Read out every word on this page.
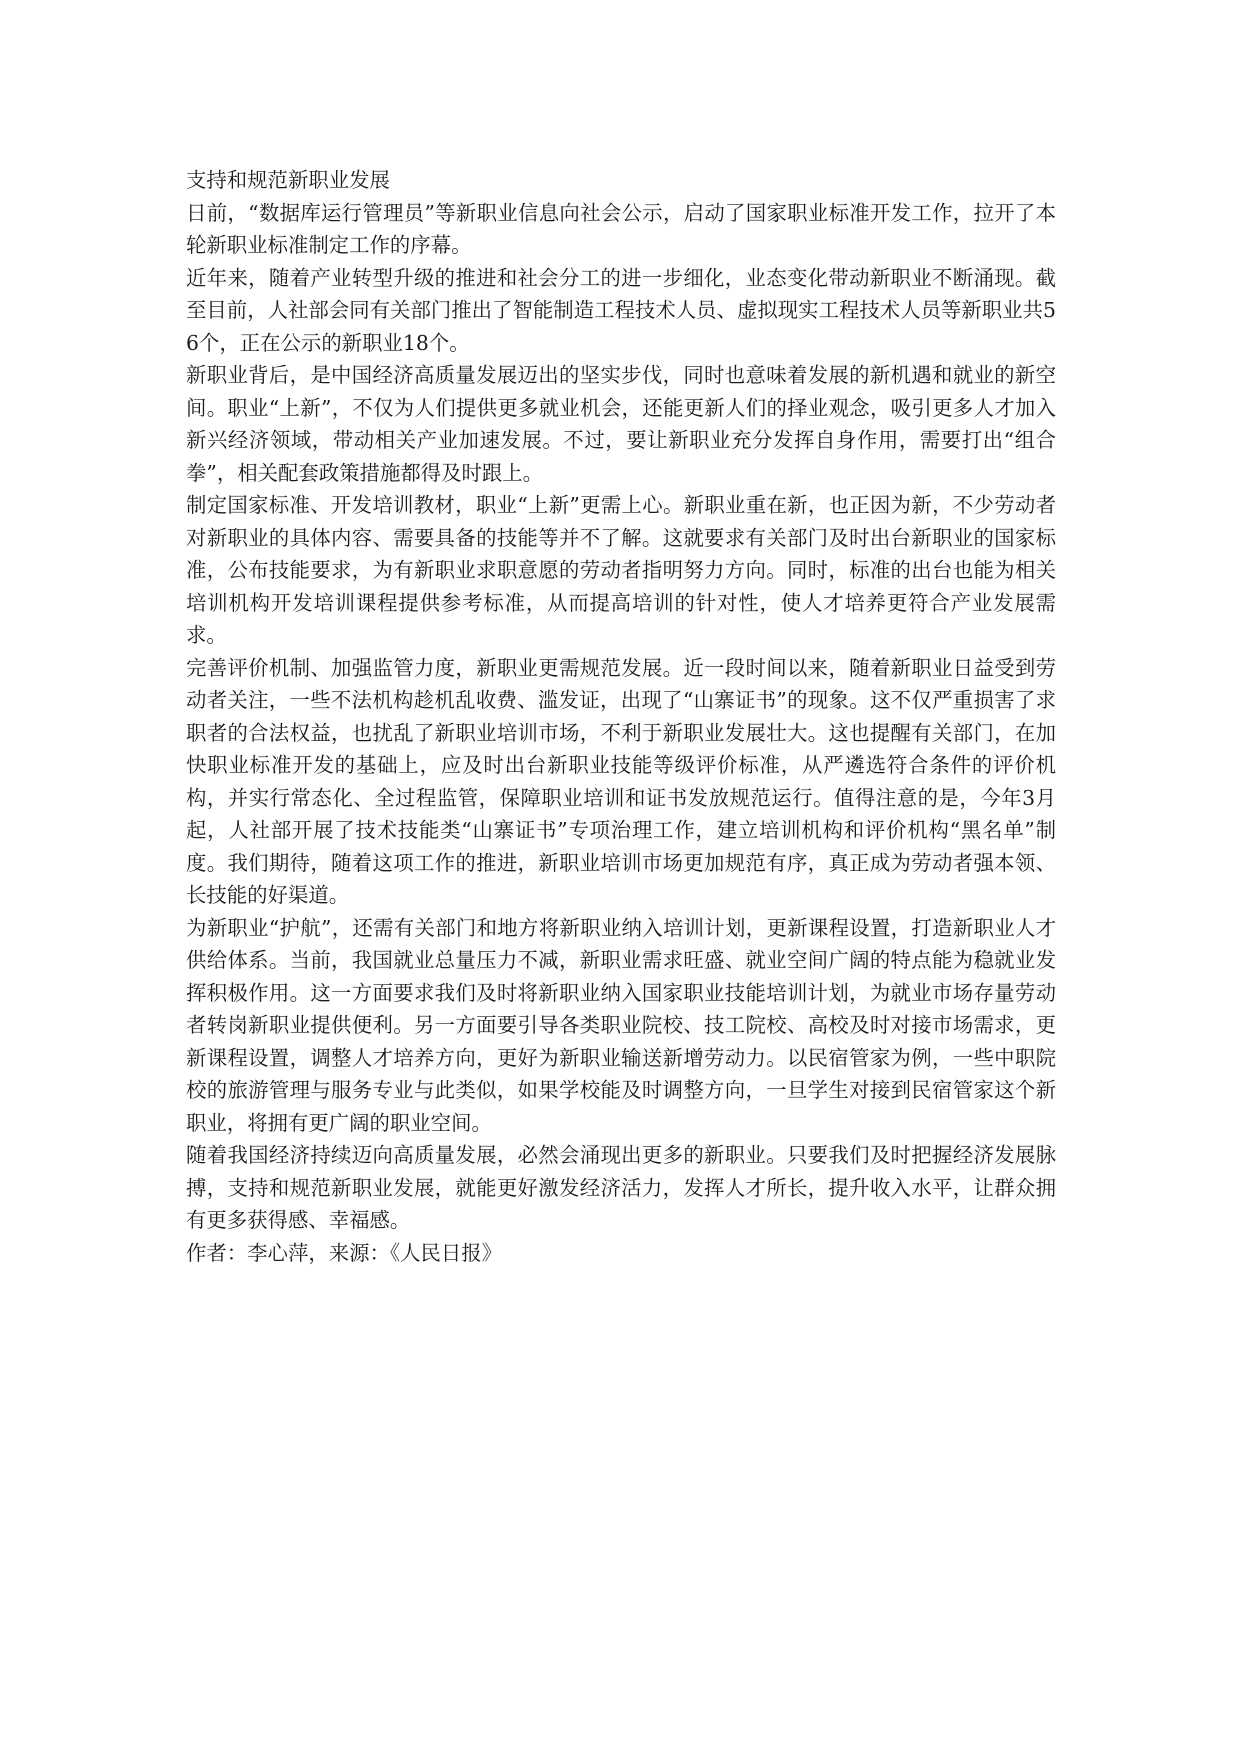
支持和规范新职业发展

日前，“数据库运行管理员”等新职业信息向社会公示，启动了国家职业标准开发工作，拉开了本轮新职业标准制定工作的序幕。

近年来，随着产业转型升级的推进和社会分工的进一步细化，业态变化带动新职业不断涌现。截至目前，人社部会同有关部门推出了智能制造工程技术人员、虚拟现实工程技术人员等新职业共56个，正在公示的新职业18个。

新职业背后，是中国经济高质量发展迈出的坚实步伐，同时也意味着发展的新机遇和就业的新空间。职业“上新”，不仅为人们提供更多就业机会，还能更新人们的择业观念，吸引更多人才加入新兴经济领域，带动相关产业加速发展。不过，要让新职业充分发挥自身作用，需要打出“组合拳”，相关配套政策措施都得及时跟上。

制定国家标准、开发培训教材，职业“上新”更需上心。新职业重在新，也正因为新，不少劳动者对新职业的具体内容、需要具备的技能等并不了解。这就要求有关部门及时出台新职业的国家标准，公布技能要求，为有新职业求职意愿的劳动者指明努力方向。同时，标准的出台也能为相关培训机构开发培训课程提供参考标准，从而提高培训的针对性，使人才培养更符合产业发展需求。

完善评价机制、加强监管力度，新职业更需规范发展。近一段时间以来，随着新职业日益受到劳动者关注，一些不法机构趁机乱收费、滥发证，出现了“山寨证书”的现象。这不仅严重损害了求职者的合法权益，也扰乱了新职业培训市场，不利于新职业发展壮大。这也提醒有关部门，在加快职业标准开发的基础上，应及时出台新职业技能等级评价标准，从严遴选符合条件的评价机构，并实行常态化、全过程监管，保障职业培训和证书发放规范运行。值得注意的是，今年3月起，人社部开展了技术技能类“山寨证书”专项治理工作，建立培训机构和评价机构“黑名单”制度。我们期待，随着这项工作的推进，新职业培训市场更加规范有序，真正成为劳动者强本领、长技能的好渠道。

为新职业“护航”，还需有关部门和地方将新职业纳入培训计划，更新课程设置，打造新职业人才供给体系。当前，我国就业总量压力不减，新职业需求旺盛、就业空间广阔的特点能为稳就业发挥积极作用。这一方面要求我们及时将新职业纳入国家职业技能培训计划，为就业市场存量劳动者转岗新职业提供便利。另一方面要引导各类职业院校、技工院校、高校及时对接市场需求，更新课程设置，调整人才培养方向，更好为新职业输送新增劳动力。以民宿管家为例，一些中职院校的旅游管理与服务专业与此类似，如果学校能及时调整方向，一旦学生对接到民宿管家这个新职业，将拥有更广阔的职业空间。

随着我国经济持续迈向高质量发展，必然会涌现出更多的新职业。只要我们及时把握经济发展脉搏，支持和规范新职业发展，就能更好激发经济活力，发挥人才所长，提升收入水平，让群众拥有更多获得感、幸福感。

作者：李心萍，来源：《人民日报》
